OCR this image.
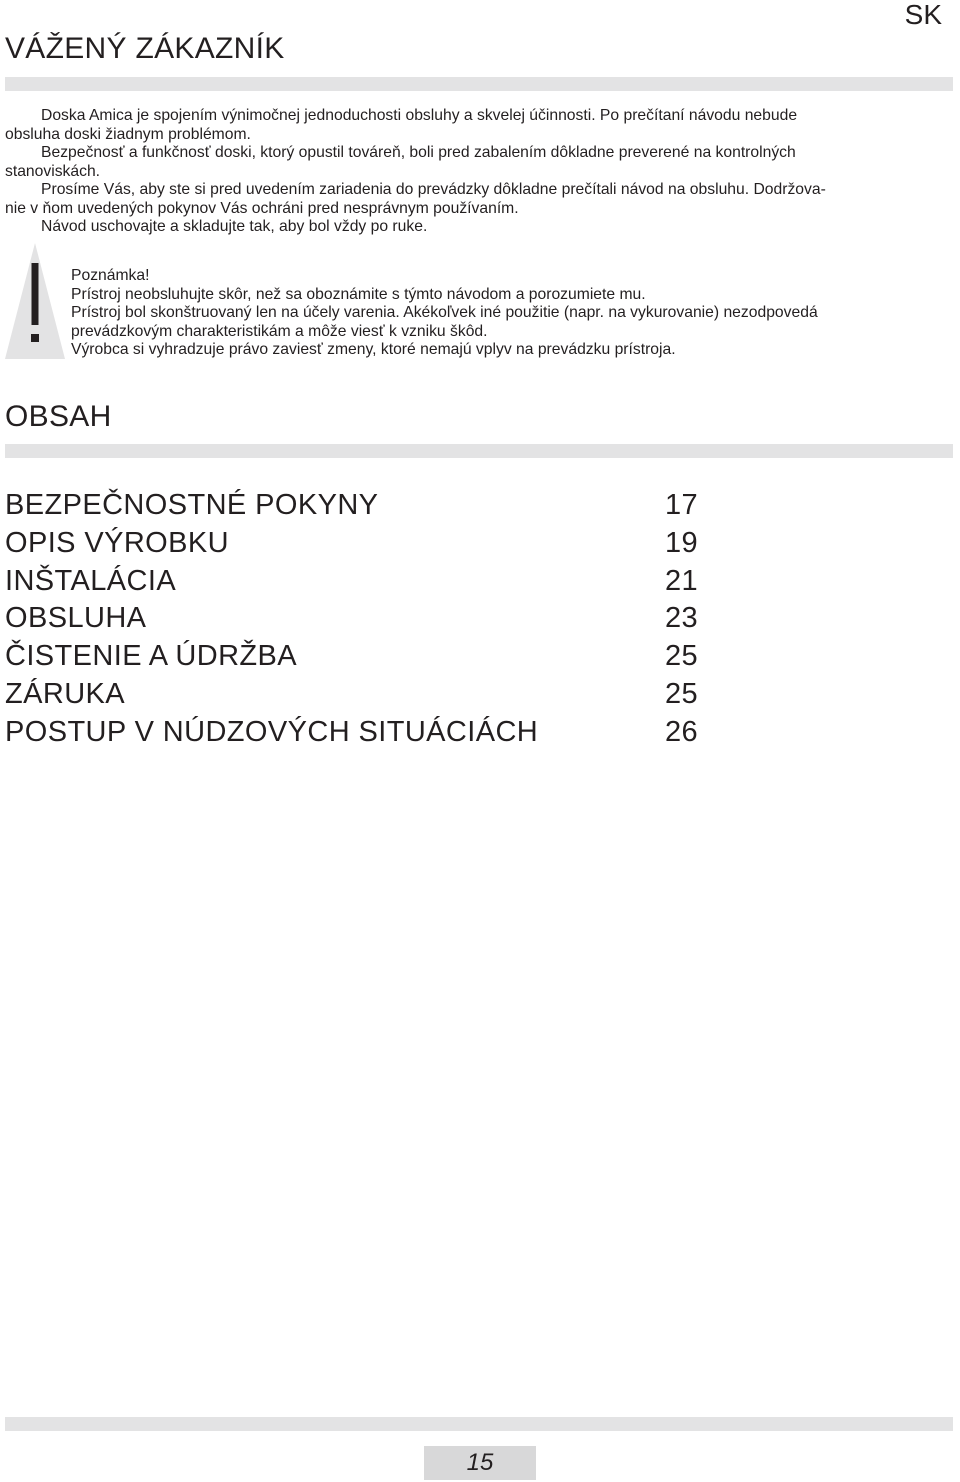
SK
VÁŽENÝ ZÁKAZNÍK

Doska Amica je spojením výnimočnej jednoduchosti obsluhy a skvelej účinnosti. Po prečítaní návodu nebude

obsluha doski žiadnym problémom.

Bezpečnosť a funkčnosť doski, ktorý opustil továreň, boli pred zabalením dôkladne preverené na kontrolných

stanoviskách.

Prosíme Vás, aby ste si pred uvedením zariadenia do prevádzky dôkladne prečítali návod na obsluhu. Dodržova-

nie v ňom uvedených pokynov Vás ochráni pred nesprávnym používaním.

Návod uschovajte a skladujte tak, aby bol vždy po ruke.

Poznámka!

Prístroj neobsluhujte skôr, než sa oboznámite s týmto návodom a porozumiete mu.

Prístroj bol skonštruovaný len na účely varenia. Akékoľvek iné použitie (napr. na vykurovanie) nezodpovedá

prevádzkovým charakteristikám a môže viesť k vzniku škôd.

Výrobca si vyhradzuje právo zaviesť zmeny, ktoré nemajú vplyv na prevádzku prístroja.

OBSAH
BEZPEČNOSTNÉ POKYNY	17
OPIS VÝROBKU	19
INŠTALÁCIA	21
OBSLUHA	23
ČISTENIE A ÚDRŽBA	25
ZÁRUKA	25
POSTUP V NÚDZOVÝCH SITUÁCIÁCH	26
15
